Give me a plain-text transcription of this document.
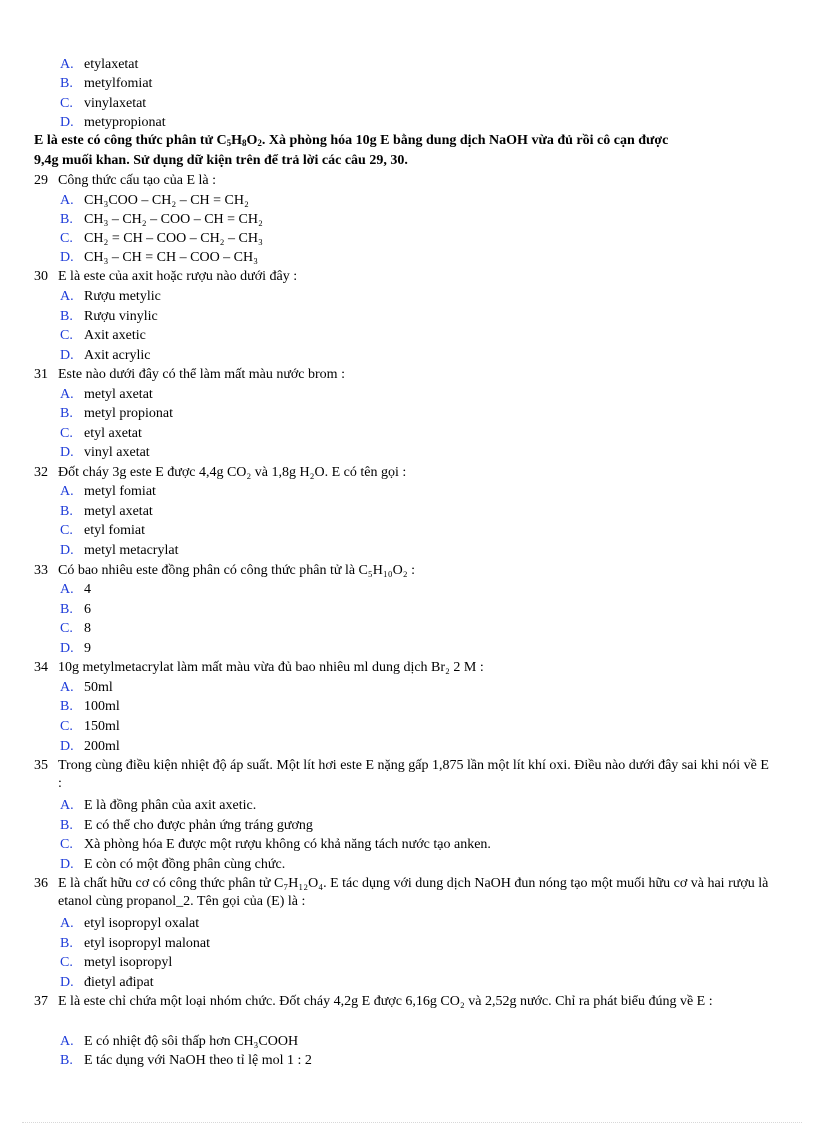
A. etylaxetat
B. metylfomiat
C. vinylaxetat
D. metypropionat
E là este có công thức phân tử $C_5H_8O_2$. Xà phòng hóa 10g E bằng dung dịch NaOH vừa đủ rồi cô cạn được
9,4g muối khan. Sử dụng dữ kiện trên để trả lời các câu 29, 30.
29 Công thức cấu tạo của E là :
A. CH₃COO – CH₂ – CH = CH₂
B. CH₃ – CH₂ – COO – CH = CH₂
C. CH₂ = CH – COO – CH₂ – CH₃
D. CH₃ – CH = CH – COO – CH₃
30 E là este của axit hoặc rượu nào dưới đây :
A. Rượu metylic
B. Rượu vinylic
C. Axit axetic
D. Axit acrylic
31 Este nào dưới đây có thể làm mất màu nước brom :
A. metyl axetat
B. metyl propionat
C. etyl axetat
D. vinyl axetat
32 Đốt cháy 3g este E được 4,4g CO₂ và 1,8g H₂O. E có tên gọi :
A. metyl fomiat
B. metyl axetat
C. etyl fomiat
D. metyl metacrylat
33 Có bao nhiêu este đồng phân có công thức phân tử là C₅H₁₀O₂ :
A. 4
B. 6
C. 8
D. 9
34 10g metylmetacrylat làm mất màu vừa đủ bao nhiêu ml dung dịch Br₂ 2 M :
A. 50ml
B. 100ml
C. 150ml
D. 200ml
35 Trong cùng điều kiện nhiệt độ áp suất. Một lít hơi este E nặng gấp 1,875 lần một lít khí oxi. Điều nào dưới đây sai khi nói về E :
A. E là đồng phân của axit axetic.
B. E có thể cho được phản ứng tráng gương
C. Xà phòng hóa E được một rượu không có khả năng tách nước tạo anken.
D. E còn có một đồng phân cùng chức.
36 E là chất hữu cơ có công thức phân tử C₇H₁₂O₄. E tác dụng với dung dịch NaOH đun nóng tạo một muối hữu cơ và hai rượu là etanol cùng propanol_2. Tên gọi của (E) là :
A. etyl isopropyl oxalat
B. etyl isopropyl malonat
C. metyl isopropyl
D. đietyl ađipat
37 E là este chỉ chứa một loại nhóm chức. Đốt cháy 4,2g E được 6,16g CO₂ và 2,52g nước. Chỉ ra phát biểu đúng về E :
A. E có nhiệt độ sôi thấp hơn CH₃COOH
B. E tác dụng với NaOH theo tỉ lệ mol 1 : 2
